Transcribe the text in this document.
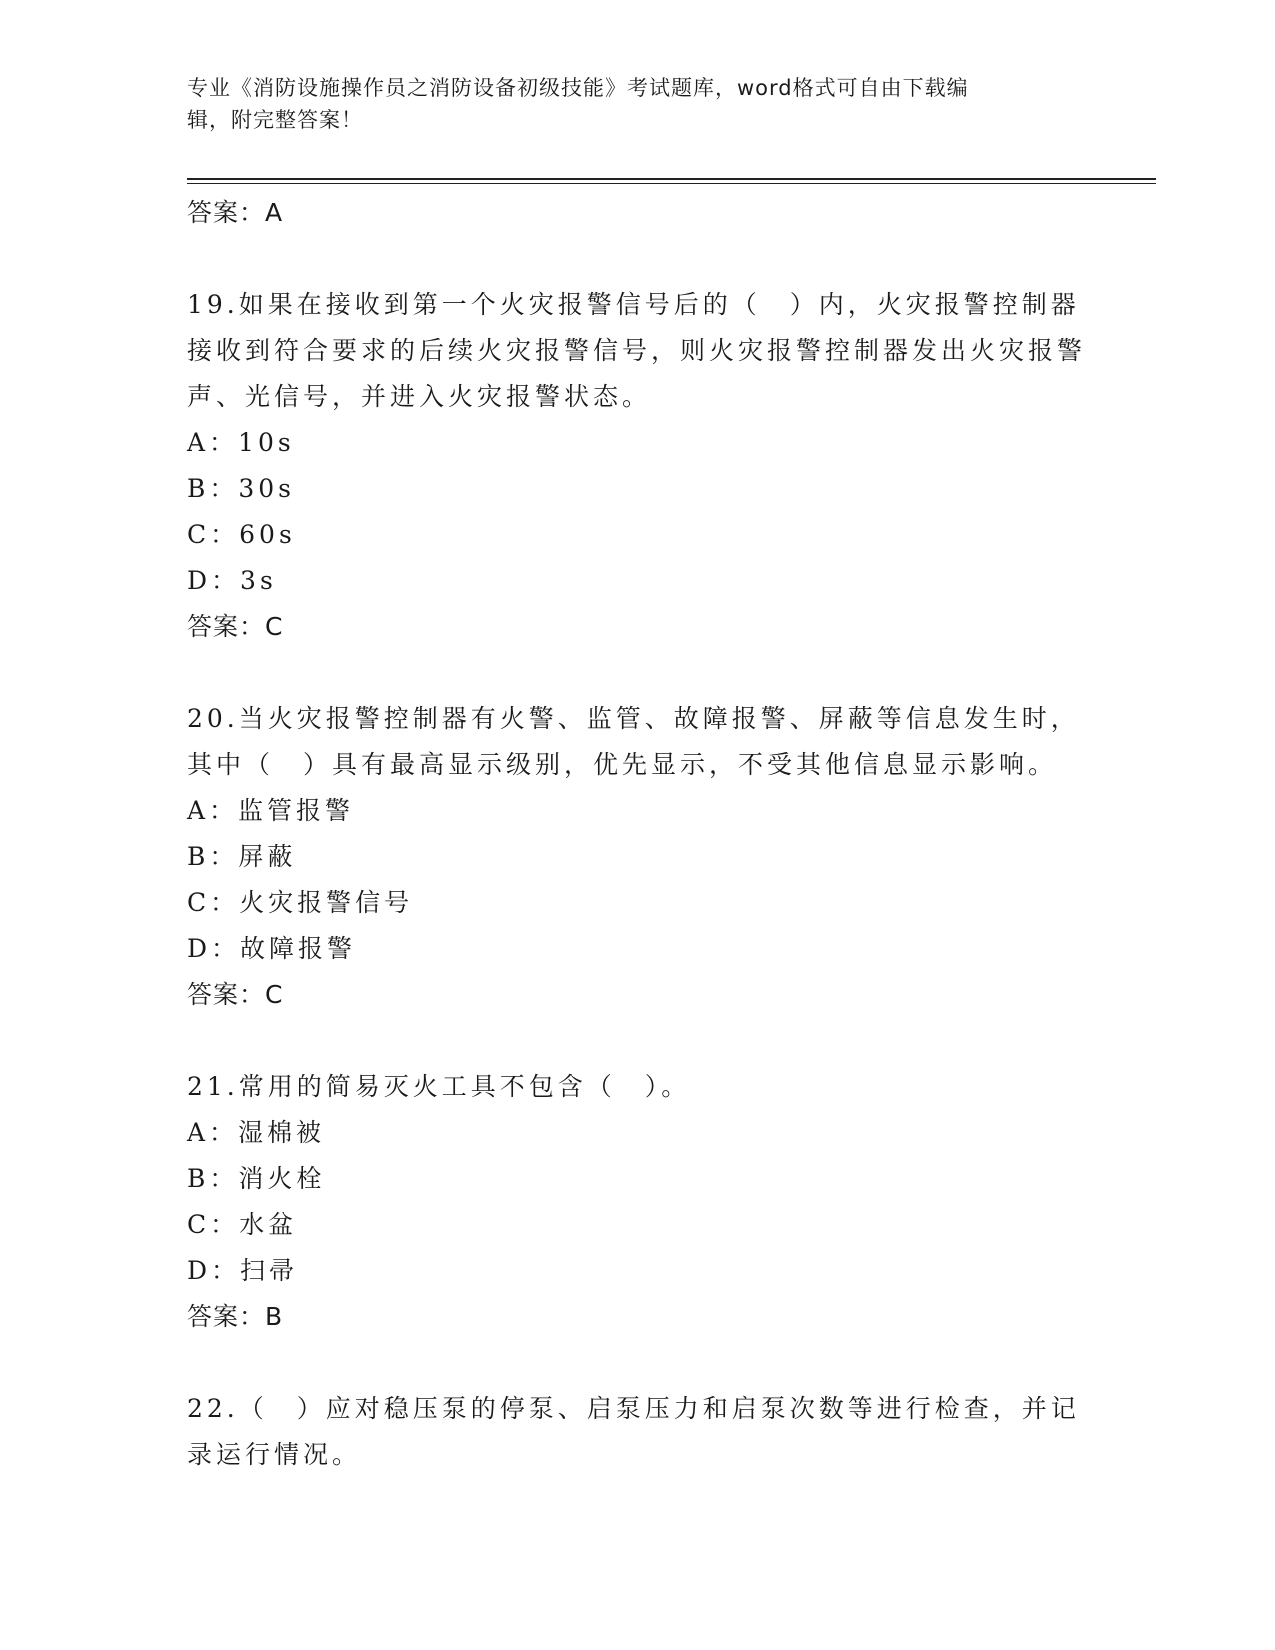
专业《消防设施操作员之消防设备初级技能》考试题库，word格式可自由下载编
辑，附完整答案！
答案：A
19.如果在接收到第一个火灾报警信号后的（　）内，火灾报警控制器接收到符合要求的后续火灾报警信号，则火灾报警控制器发出火灾报警声、光信号，并进入火灾报警状态。
A：10s
B：30s
C：60s
D：3s
答案：C
20.当火灾报警控制器有火警、监管、故障报警、屏蔽等信息发生时，其中（　）具有最高显示级别，优先显示，不受其他信息显示影响。
A：监管报警
B：屏蔽
C：火灾报警信号
D：故障报警
答案：C
21.常用的简易灭火工具不包含（　）。
A：湿棉被
B：消火栓
C：水盆
D：扫帚
答案：B
22.（　）应对稳压泵的停泵、启泵压力和启泵次数等进行检查，并记录运行情况。
